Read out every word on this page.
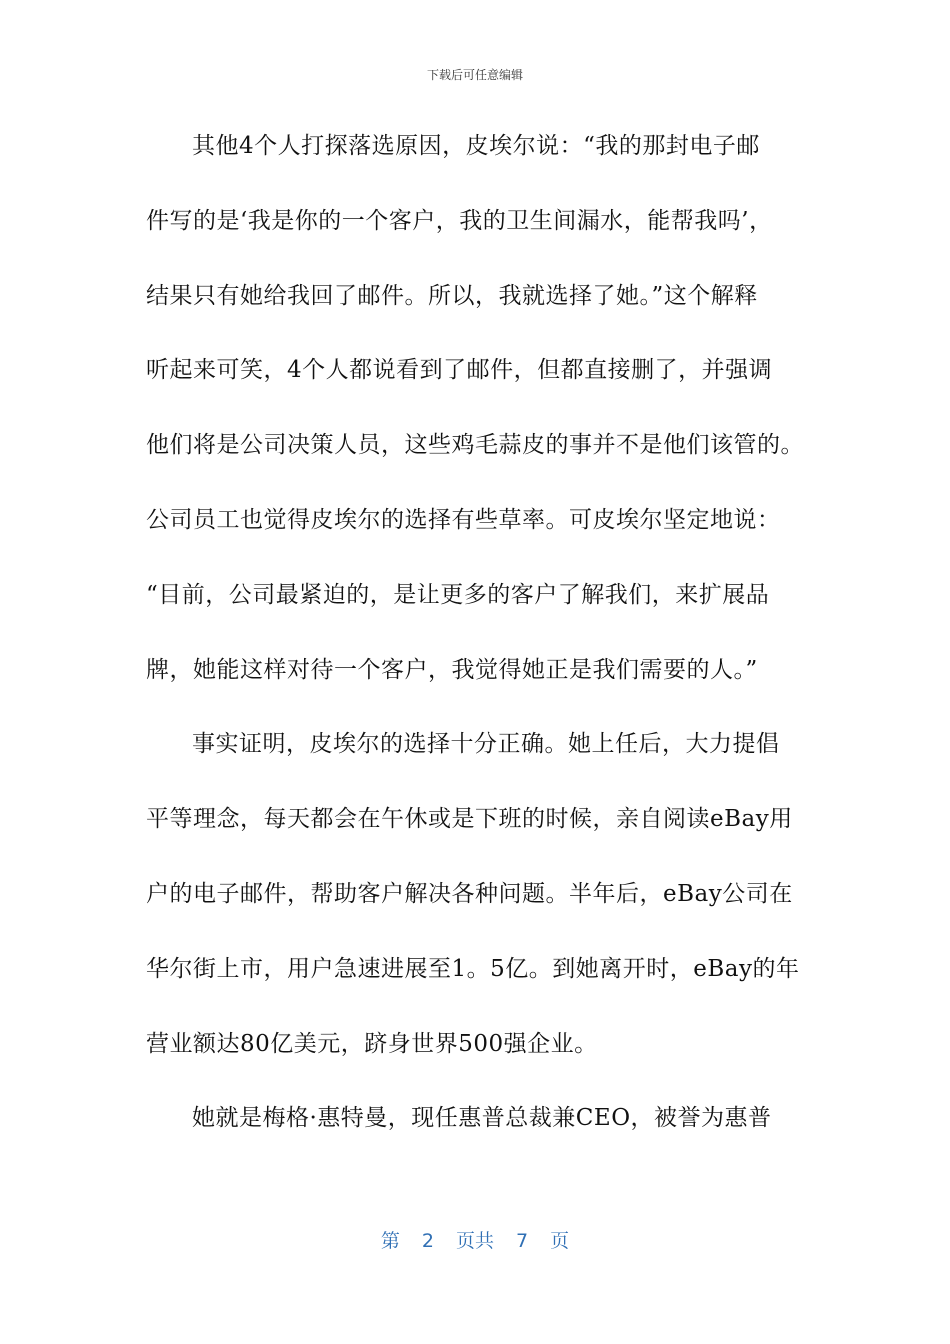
下载后可任意编辑
其他4个人打探落选原因，皮埃尔说：“我的那封电子邮
件写的是‘我是你的一个客户，我的卫生间漏水，能帮我吗’，
结果只有她给我回了邮件。所以，我就选择了她。”这个解释
听起来可笑，4个人都说看到了邮件，但都直接删了，并强调
他们将是公司决策人员，这些鸡毛蒜皮的事并不是他们该管的。
公司员工也觉得皮埃尔的选择有些草率。可皮埃尔坚定地说：
“目前，公司最紧迫的，是让更多的客户了解我们，来扩展品
牌，她能这样对待一个客户，我觉得她正是我们需要的人。”
事实证明，皮埃尔的选择十分正确。她上任后，大力提倡
平等理念，每天都会在午休或是下班的时候，亲自阅读eBay用
户的电子邮件，帮助客户解决各种问题。半年后，eBay公司在
华尔街上市，用户急速进展至1。5亿。到她离开时，eBay的年
营业额达80亿美元，跻身世界500强企业。
她就是梅格·惠特曼，现任惠普总裁兼CEO，被誉为惠普
第 2 页共 7 页
